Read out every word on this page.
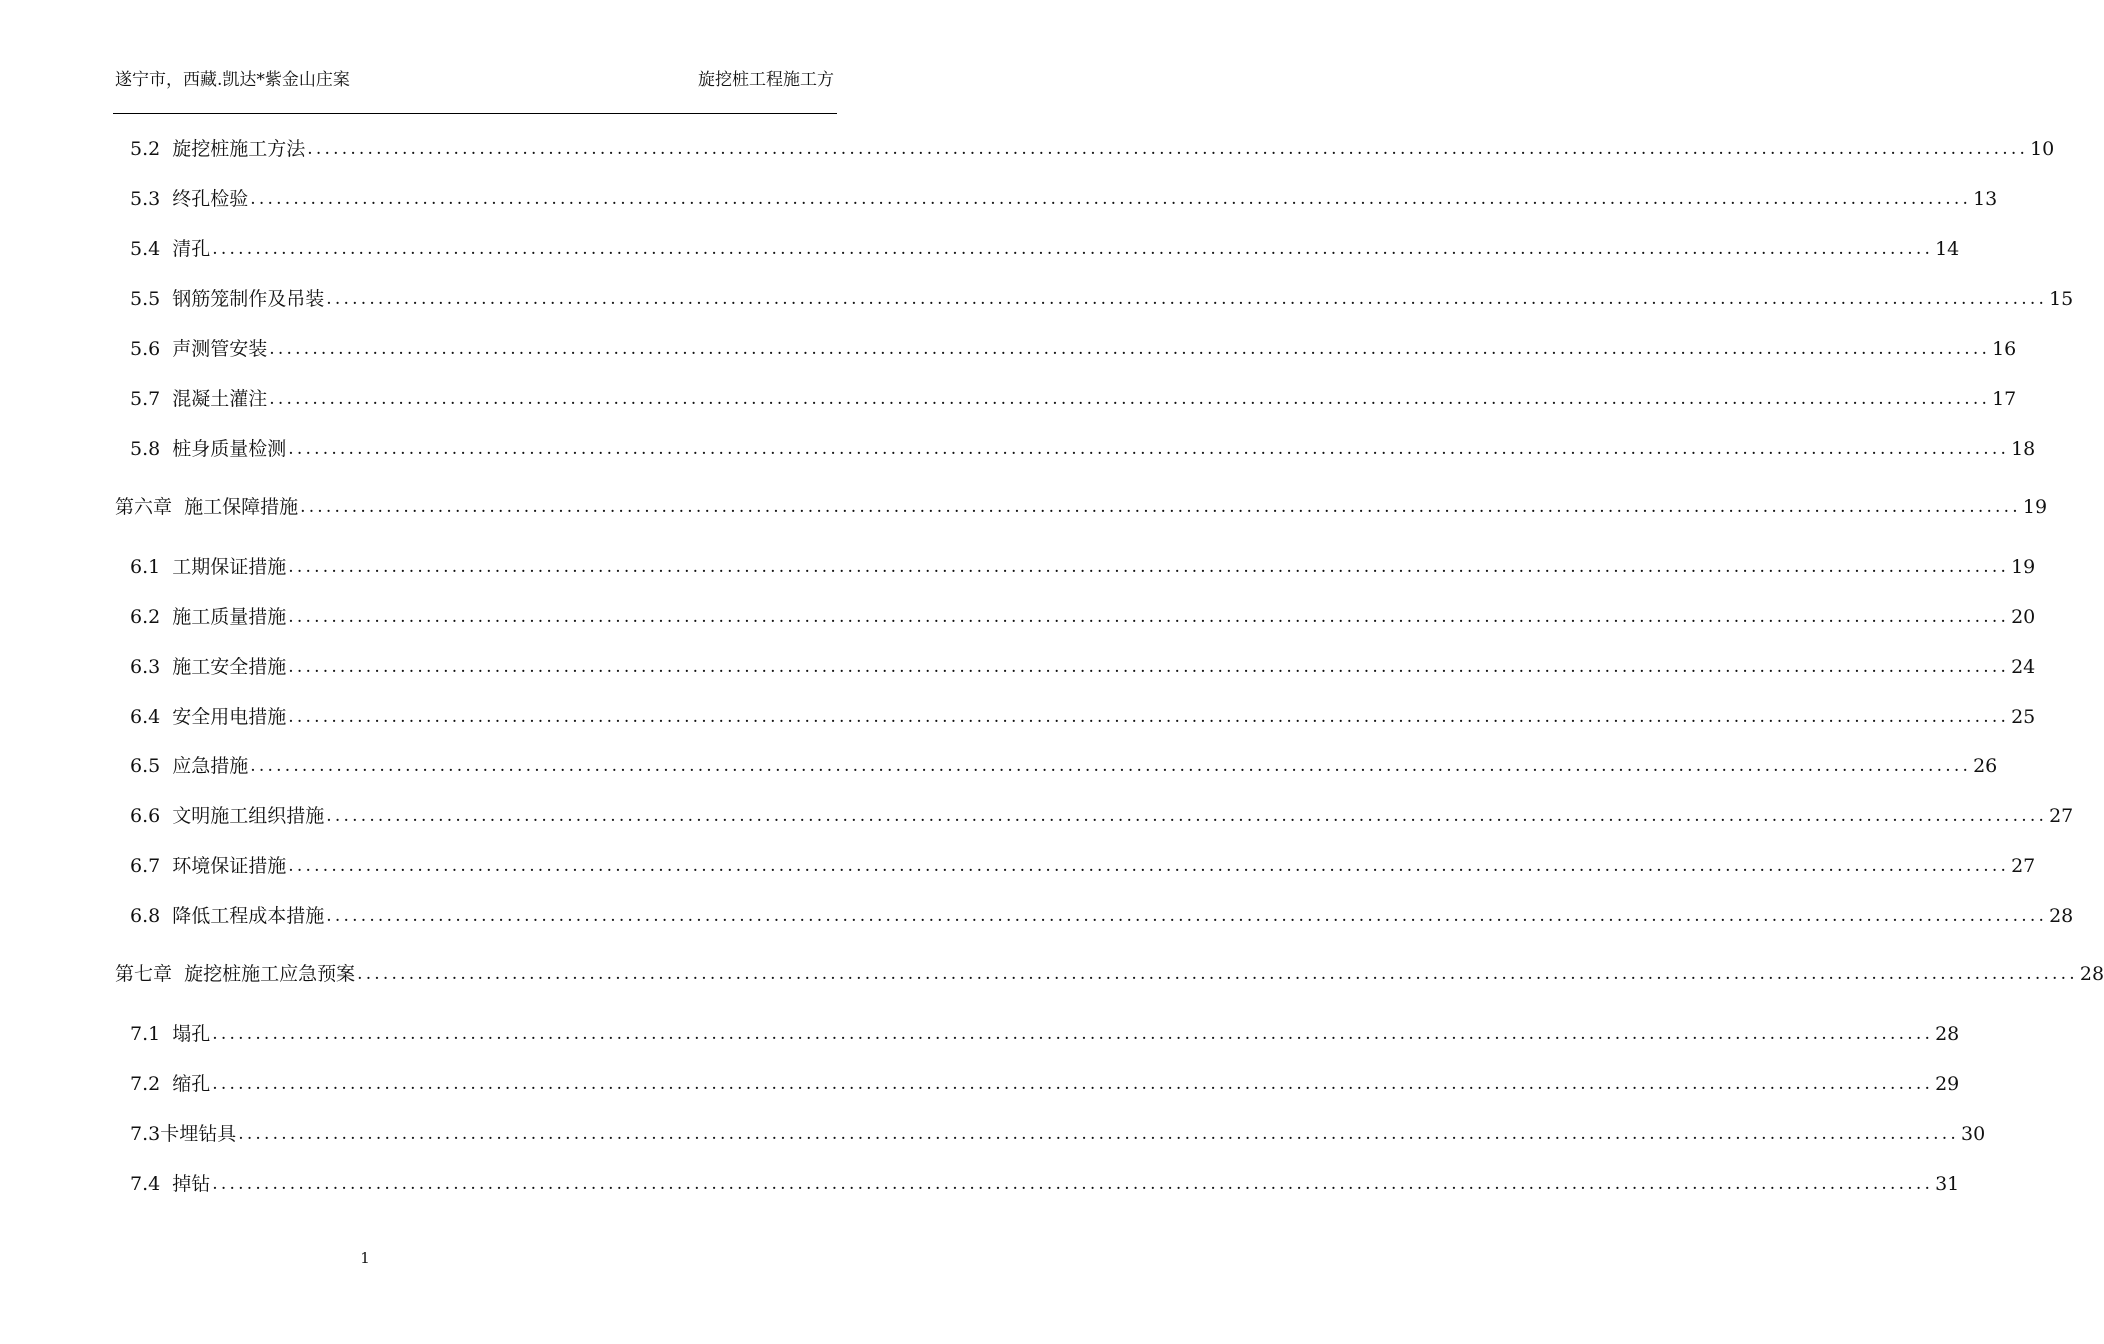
遂宁市，西藏.凯达*紫金山庄案	旋挖桩工程施工方
5.2  旋挖桩施工方法 ........................................................................................................................................................................................................ 10
5.3  终孔检验 ........................................................................................................................................................................................................ 13
5.4  清孔 ........................................................................................................................................................................................................ 14
5.5  钢筋笼制作及吊装 ........................................................................................................................................................................................................ 15
5.6  声测管安装 ........................................................................................................................................................................................................ 16
5.7  混凝土灌注 ........................................................................................................................................................................................................ 17
5.8  桩身质量检测 ........................................................................................................................................................................................................ 18
第六章  施工保障措施 ........................................................................................................................................................................................................ 19
6.1  工期保证措施 ........................................................................................................................................................................................................ 19
6.2  施工质量措施 ........................................................................................................................................................................................................ 20
6.3  施工安全措施 ........................................................................................................................................................................................................ 24
6.4  安全用电措施 ........................................................................................................................................................................................................ 25
6.5  应急措施 ........................................................................................................................................................................................................ 26
6.6  文明施工组织措施 ........................................................................................................................................................................................................ 27
6.7  环境保证措施 ........................................................................................................................................................................................................ 27
6.8  降低工程成本措施 ........................................................................................................................................................................................................ 28
第七章  旋挖桩施工应急预案 ........................................................................................................................................................................................................ 28
7.1  塌孔 ........................................................................................................................................................................................................ 28
7.2  缩孔 ........................................................................................................................................................................................................ 29
7.3卡埋钻具 ........................................................................................................................................................................................................ 30
7.4  掉钻 ........................................................................................................................................................................................................ 31
1
